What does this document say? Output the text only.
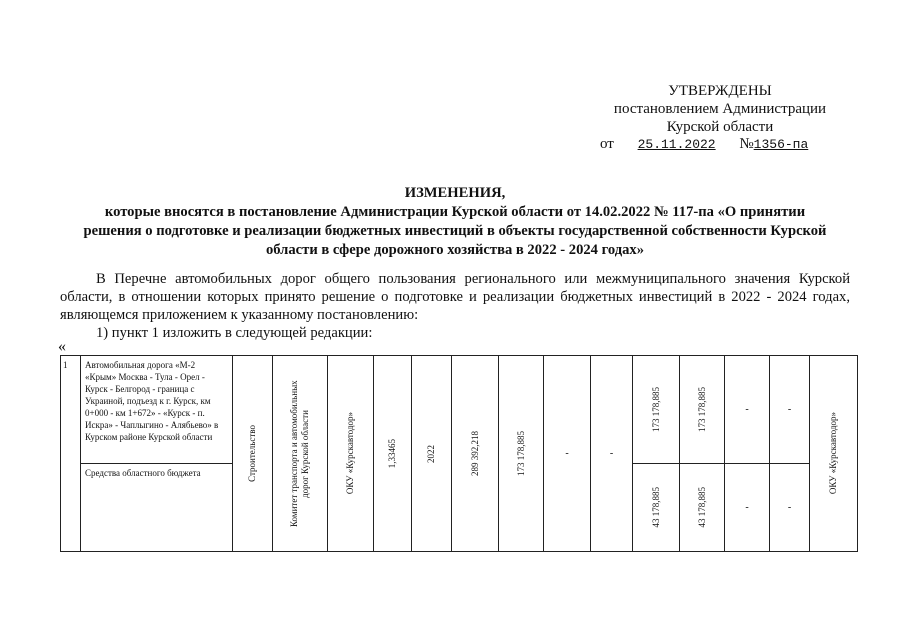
УТВЕРЖДЕНЫ
постановлением Администрации
Курской области
от 25.11.2022 №1356-па
ИЗМЕНЕНИЯ,
которые вносятся в постановление Администрации Курской области от 14.02.2022 № 117-па «О принятии
решения о подготовке и реализации бюджетных инвестиций в объекты государственной собственности Курской
области в сфере дорожного хозяйства в 2022 - 2024 годах»

В Перечне автомобильных дорог общего пользования регионального или межмуниципального значения Курской области, в отношении которых принято решение о подготовке и реализации бюджетных инвестиций в 2022 - 2024 годах, являющемся приложением к указанному постановлению:

1) пункт 1 изложить в следующей редакции:

«
1	Автомобильная дорога «М-2 «Крым» Москва - Тула - Орел - Курск - Белгород - граница с Украиной, подъезд к г. Курск, км 0+000 - км 1+672» - «Курск - п. Искра» - Чаплыгино - Алябьево» в Курском районе Курской области	Строительство	Комитет транспорта и автомобильных дорог Курской области	ОКУ «Курскавтодор»	1,33465	2022	289 392,218	173 178,885	-	-	173 178,885	173 178,885	-	-	ОКУ «Курскавтодор»

	Средства областного бюджета										43 178,885	43 178,885	-	-	
